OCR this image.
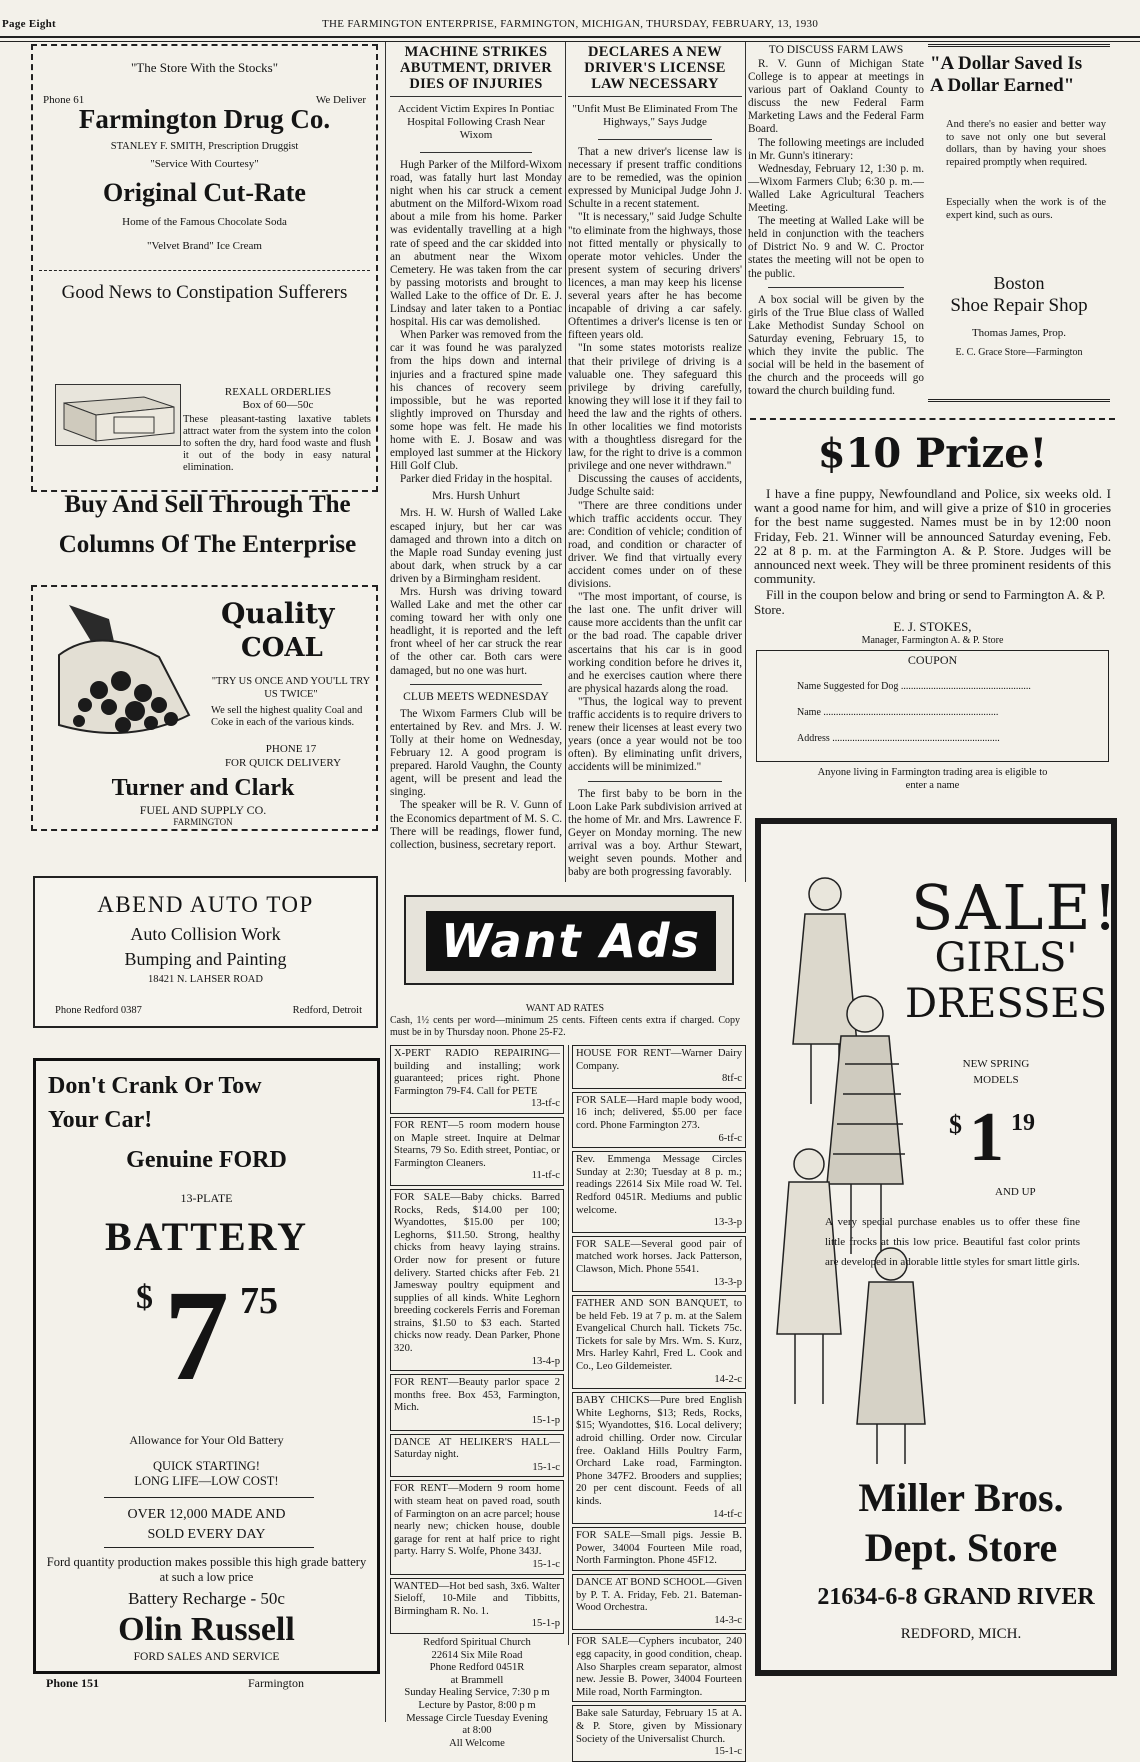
Page Eight	THE FARMINGTON ENTERPRISE, FARMINGTON, MICHIGAN, THURSDAY, FEBRUARY, 13, 1930
"The Store With the Stocks"
Phone 61	We Deliver
Farmington Drug Co.
STANLEY F. SMITH, Prescription Druggist
"Service With Courtesy"
Original Cut-Rate
Home of the Famous Chocolate Soda
"Velvet Brand" Ice Cream
Good News to Constipation Sufferers
REXALL ORDERLIES
Box of 60—50c
These pleasant-tasting laxative tablets attract water from the system into the colon to soften the dry, hard food waste and flush it out of the body in easy natural elimination.
Buy And Sell Through The Columns Of The Enterprise
Quality
COAL
"TRY US ONCE AND YOU'LL TRY US TWICE"
We sell the highest quality Coal and Coke in each of the various kinds.
PHONE 17
FOR QUICK DELIVERY
Turner and Clark
FUEL AND SUPPLY CO.
FARMINGTON
ABEND AUTO TOP
Auto Collision Work
Bumping and Painting
18421 N. LAHSER ROAD
Phone Redford 0387	Redford, Detroit
Don't Crank Or Tow Your Car!
Genuine FORD
13-PLATE
BATTERY
$ 7 75
Allowance for Your Old Battery
QUICK STARTING!
LONG LIFE—LOW COST!
OVER 12,000 MADE AND
SOLD EVERY DAY
Ford quantity production makes possible this high grade battery at such a low price
Battery Recharge - 50c
Olin Russell
FORD SALES AND SERVICE
Phone 151	Farmington
MACHINE STRIKES ABUTMENT, DRIVER DIES OF INJURIES
Accident Victim Expires In Pontiac Hospital Following Crash Near Wixom

Hugh Parker of the Milford-Wixom road, was fatally hurt last Monday night when his car struck a cement abutment on the Milford-Wixom road about a mile from his home. Parker was evidentally travelling at a high rate of speed and the car skidded into an abutment near the Wixom Cemetery. He was taken from the car by passing motorists and brought to Walled Lake to the office of Dr. E. J. Lindsay and later taken to a Pontiac hospital. His car was demolished.

When Parker was removed from the car it was found he was paralyzed from the hips down and internal injuries and a fractured spine made his chances of recovery seem impossible, but he was reported slightly improved on Thursday and some hope was felt. He made his home with E. J. Bosaw and was employed last summer at the Hickory Hill Golf Club.

Parker died Friday in the hospital.

Mrs. Hursh Unhurt

Mrs. H. W. Hursh of Walled Lake escaped injury, but her car was damaged and thrown into a ditch on the Maple road Sunday evening just about dark, when struck by a car driven by a Birmingham resident.

Mrs. Hursh was driving toward Walled Lake and met the other car coming toward her with only one headlight, it is reported and the left front wheel of her car struck the rear of the other car. Both cars were damaged, but no one was hurt.

CLUB MEETS WEDNESDAY

The Wixom Farmers Club will be entertained by Rev. and Mrs. J. W. Tolly at their home on Wednesday, February 12. A good program is prepared. Harold Vaughn, the County agent, will be present and lead the singing.

The speaker will be R. V. Gunn of the Economics department of M. S. C. There will be readings, flower fund, collection, business, secretary report.

DECLARES A NEW DRIVER'S LICENSE LAW NECESSARY
"Unfit Must Be Eliminated From The Highways," Says Judge

That a new driver's license law is necessary if present traffic conditions are to be remedied, was the opinion expressed by Municipal Judge John J. Schulte in a recent statement.

"It is necessary," said Judge Schulte "to eliminate from the highways, those not fitted mentally or physically to operate motor vehicles. Under the present system of securing drivers' licences, a man may keep his license several years after he has become incapable of driving a car safely. Oftentimes a driver's license is ten or fifteen years old.

"In some states motorists realize that their privilege of driving is a valuable one. They safeguard this privilege by driving carefully, knowing they will lose it if they fail to heed the law and the rights of others. In other localities we find motorists with a thoughtless disregard for the law, for the right to drive is a common privilege and one never withdrawn."

Discussing the causes of accidents, Judge Schulte said:

"There are three conditions under which traffic accidents occur. They are: Condition of vehicle; condition of road, and condition or character of driver. We find that virtually every accident comes under on of these divisions.

"The most important, of course, is the last one. The unfit driver will cause more accidents than the unfit car or the bad road. The capable driver ascertains that his car is in good working condition before he drives it, and he exercises caution where there are physical hazards along the road.

"Thus, the logical way to prevent traffic accidents is to require drivers to renew their licenses at least every two years (once a year would not be too often). By eliminating unfit drivers, accidents will be minimized."

The first baby to be born in the Loon Lake Park subdivision arrived at the home of Mr. and Mrs. Lawrence F. Geyer on Monday morning. The new arrival was a boy. Arthur Stewart, weight seven pounds. Mother and baby are both progressing favorably.

TO DISCUSS FARM LAWS

R. V. Gunn of Michigan State College is to appear at meetings in various part of Oakland County to discuss the new Federal Farm Marketing Laws and the Federal Farm Board.

The following meetings are included in Mr. Gunn's itinerary:

Wednesday, February 12, 1:30 p. m.—Wixom Farmers Club; 6:30 p. m.—Walled Lake Agricultural Teachers Meeting.

The meeting at Walled Lake will be held in conjunction with the teachers of District No. 9 and W. C. Proctor states the meeting will not be open to the public.

A box social will be given by the girls of the True Blue class of Walled Lake Methodist Sunday School on Saturday evening, February 15, to which they invite the public. The social will be held in the basement of the church and the proceeds will go toward the church building fund.

"A Dollar Saved Is
A Dollar Earned"
And there's no easier and better way to save not only one but several dollars, than by having your shoes repaired promptly when required.
Especially when the work is of the expert kind, such as ours.
Boston
Shoe Repair Shop
Thomas James, Prop.
E. C. Grace Store—Farmington
$10 Prize!
I have a fine puppy, Newfoundland and Police, six weeks old. I want a good name for him, and will give a prize of $10 in groceries for the best name suggested. Names must be in by 12:00 noon Friday, Feb. 21. Winner will be announced Saturday evening, Feb. 22 at 8 p. m. at the Farmington A. & P. Store. Judges will be announced next week. They will be three prominent residents of this community.
Fill in the coupon below and bring or send to Farmington A. & P. Store.
E. J. STOKES,
Manager, Farmington A. & P. Store
COUPON
Name Suggested for Dog ....................................................
Name ......................................................................
Address ...................................................................
Anyone living in Farmington trading area is eligible to enter a name
Want Ads
WANT AD RATES
Cash, 1½ cents per word—minimum 25 cents. Fifteen cents extra if charged. Copy must be in by Thursday noon. Phone 25-F2.
X-PERT RADIO REPAIRING—building and installing; work guaranteed; prices right. Phone Farmington 79-F4. Call for PETE
13-tf-c
FOR RENT—5 room modern house on Maple street. Inquire at Delmar Stearns, 79 So. Edith street, Pontiac, or Farmington Cleaners.
11-tf-c
FOR SALE—Baby chicks. Barred Rocks, Reds, $14.00 per 100; Wyandottes, $15.00 per 100; Leghorns, $11.50. Strong, healthy chicks from heavy laying strains. Order now for present or future delivery. Started chicks after Feb. 21 Jamesway poultry equipment and supplies of all kinds. White Leghorn breeding cockerels Ferris and Foreman strains, $1.50 to $3 each. Started chicks now ready. Dean Parker, Phone 320.
13-4-p
FOR RENT—Beauty parlor space 2 months free. Box 453, Farmington, Mich.
15-1-p
DANCE AT HELIKER'S HALL—Saturday night.
15-1-c
FOR RENT—Modern 9 room home with steam heat on paved road, south of Farmington on an acre parcel; house nearly new; chicken house, double garage for rent at half price to right party. Harry S. Wolfe, Phone 343J.
15-1-c
WANTED—Hot bed sash, 3x6. Walter Sieloff, 10-Mile and Tibbitts, Birmingham R. No. 1.
15-1-p
Redford Spiritual Church
22614 Six Mile Road
Phone Redford 0451R
at Brammell
Sunday Healing Service, 7:30 p m
Lecture by Pastor, 8:00 p m
Message Circle Tuesday Evening
at 8:00
All Welcome
HOUSE FOR RENT—Warner Dairy Company.
8tf-c
FOR SALE—Hard maple body wood, 16 inch; delivered, $5.00 per face cord. Phone Farmington 273.
6-tf-c
Rev. Emmenga Message Circles Sunday at 2:30; Tuesday at 8 p. m.; readings 22614 Six Mile road W. Tel. Redford 0451R. Mediums and public welcome.
13-3-p
FOR SALE—Several good pair of matched work horses. Jack Patterson, Clawson, Mich. Phone 5541.
13-3-p
FATHER AND SON BANQUET, to be held Feb. 19 at 7 p. m. at the Salem Evangelical Church hall. Tickets 75c. Tickets for sale by Mrs. Wm. S. Kurz, Mrs. Harley Kahrl, Fred L. Cook and Co., Leo Gildemeister.
14-2-c
BABY CHICKS—Pure bred English White Leghorns, $13; Reds, Rocks, $15; Wyandottes, $16. Local delivery; adroid chilling. Order now. Circular free. Oakland Hills Poultry Farm, Orchard Lake road, Farmington. Phone 347F2. Brooders and supplies; 20 per cent discount. Feeds of all kinds.
14-tf-c
FOR SALE—Small pigs. Jessie B. Power, 34004 Fourteen Mile road, North Farmington. Phone 45F12.
DANCE AT BOND SCHOOL—Given by P. T. A. Friday, Feb. 21. Bateman-Wood Orchestra.
14-3-c
FOR SALE—Cyphers incubator, 240 egg capacity, in good condition, cheap. Also Sharples cream separator, almost new. Jessie B. Power, 34004 Fourteen Mile road, North Farmington.
Bake sale Saturday, February 15 at A. & P. Store, given by Missionary Society of the Universalist Church.
15-1-c
SALE!
GIRLS'
DRESSES
NEW SPRING
MODELS
$ 1 19
AND UP
A very special purchase enables us to offer these fine little frocks at this low price. Beautiful fast color prints are developed in adorable little styles for smart little girls.
Miller Bros.
Dept. Store
21634-6-8 GRAND RIVER
REDFORD, MICH.
